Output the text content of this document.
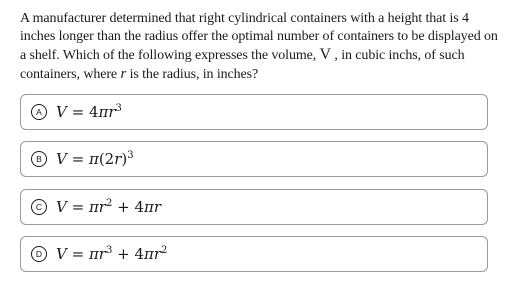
A manufacturer determined that right cylindrical containers with a height that is 4 inches longer than the radius offer the optimal number of containers to be displayed on a shelf. Which of the following expresses the volume, V , in cubic inchs, of such containers, where r is the radius, in inches?
A $V = 4\pi r^3$
B $V = \pi(2r)^3$
C $V = \pi r^2 + 4\pi r$
D $V = \pi r^3 + 4\pi r^2$
